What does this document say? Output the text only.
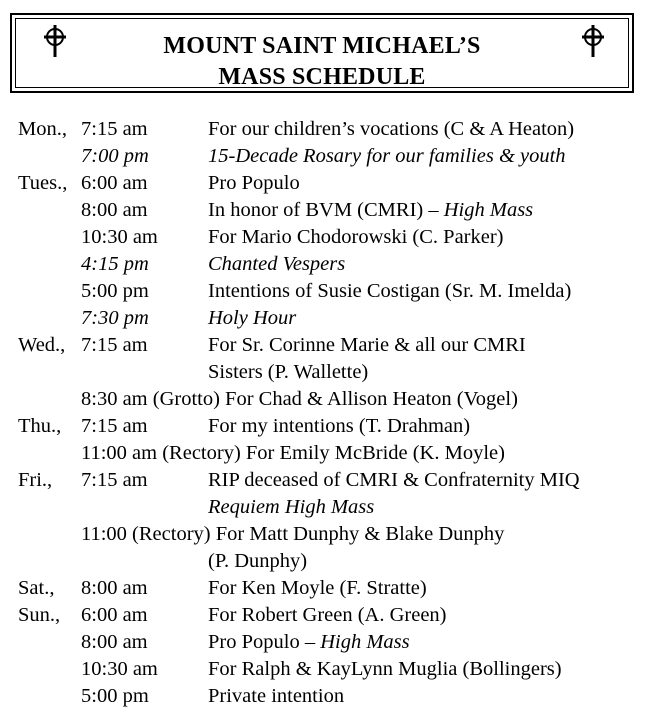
MOUNT SAINT MICHAEL’S
MASS SCHEDULE
Mon., 7:15 am	For our children’s vocations (C & A Heaton)
7:00 pm	15-Decade Rosary for our families & youth
Tues., 6:00 am	Pro Populo
8:00 am	In honor of BVM (CMRI) – High Mass
10:30 am For Mario Chodorowski (C. Parker)
4:15 pm	Chanted Vespers
5:00 pm	Intentions of Susie Costigan (Sr. M. Imelda)
7:30 pm	Holy Hour
Wed., 7:15 am	For Sr. Corinne Marie & all our CMRI
Sisters (P. Wallette)
8:30 am (Grotto) For Chad & Allison Heaton (Vogel)
Thu., 7:15 am	For my intentions (T. Drahman)
11:00 am (Rectory) For Emily McBride (K. Moyle)
Fri., 7:15 am	RIP deceased of CMRI & Confraternity MIQ
Requiem High Mass
11:00 (Rectory) For Matt Dunphy & Blake Dunphy
(P. Dunphy)
Sat., 8:00 am	For Ken Moyle (F. Stratte)
Sun., 6:00 am	For Robert Green (A. Green)
8:00 am	Pro Populo – High Mass
10:30 am For Ralph & KayLynn Muglia (Bollingers)
5:00 pm	Private intention
